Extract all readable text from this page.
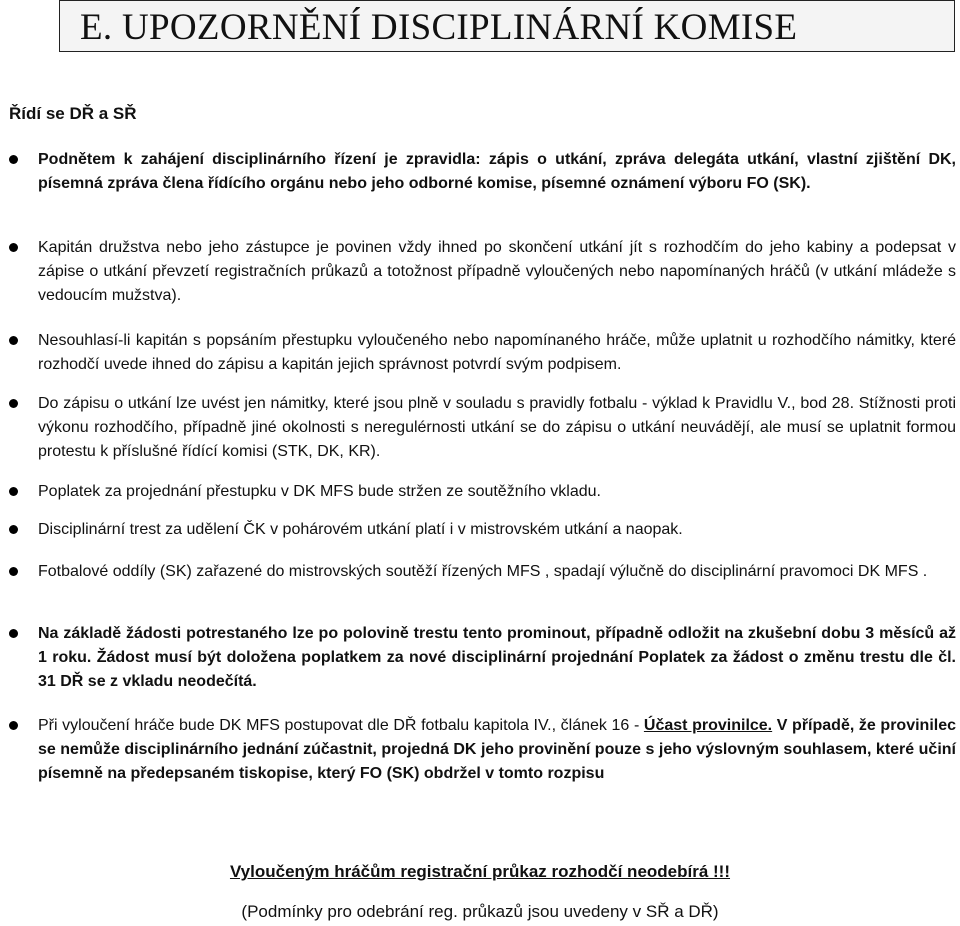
E. UPOZORNĚNÍ DISCIPLINÁRNÍ KOMISE
Řídí se DŘ a SŘ
Podnětem k zahájení disciplinárního řízení je zpravidla: zápis o utkání, zpráva delegáta utkání, vlastní zjištění DK, písemná zpráva člena řídícího orgánu nebo jeho odborné komise, písemné oznámení výboru FO (SK).
Kapitán družstva nebo jeho zástupce je povinen vždy ihned po skončení utkání jít s rozhodčím do jeho kabiny a podepsat v zápise o utkání převzetí registračních průkazů a totožnost případně vyloučených nebo napomínaných hráčů (v utkání mládeže s vedoucím mužstva).
Nesouhlasí-li kapitán s popsáním přestupku vyloučeného nebo napomínaného hráče, může uplatnit u rozhodčího námitky, které rozhodčí uvede ihned do zápisu a kapitán jejich správnost potvrdí svým podpisem.
Do zápisu o utkání lze uvést jen námitky, které jsou plně v souladu s pravidly fotbalu - výklad k Pravidlu V., bod 28. Stížnosti proti výkonu rozhodčího, případně jiné okolnosti s neregulérnosti utkání se do zápisu o utkání neuvádějí, ale musí se uplatnit formou protestu k příslušné řídící komisi (STK, DK, KR).
Poplatek za projednání přestupku v DK MFS bude stržen ze soutěžního vkladu.
Disciplinární trest za udělení ČK v pohárovém utkání platí i v mistrovském utkání a naopak.
Fotbalové oddíly (SK) zařazené do mistrovských soutěží řízených MFS , spadají výlučně do disciplinární pravomoci DK MFS .
Na základě žádosti potrestaného lze po polovině trestu tento prominout, případně odložit na zkušební dobu 3 měsíců až 1 roku. Žádost musí být doložena poplatkem za nové disciplinární projednání Poplatek za žádost o změnu trestu dle čl. 31 DŘ se z vkladu neodečítá.
Při vyloučení hráče bude DK MFS postupovat dle DŘ fotbalu kapitola IV., článek 16 - Účast provinilce. V případě, že provinilec se nemůže disciplinárního jednání zúčastnit, projedná DK jeho provinění pouze s jeho výslovným souhlasem, které učiní písemně na předepsaném tiskopise, který FO (SK) obdržel v tomto rozpisu
Vyloučeným hráčům registrační průkaz rozhodčí neodebírá !!!
(Podmínky pro odebrání reg. průkazů jsou uvedeny v SŘ a DŘ)
